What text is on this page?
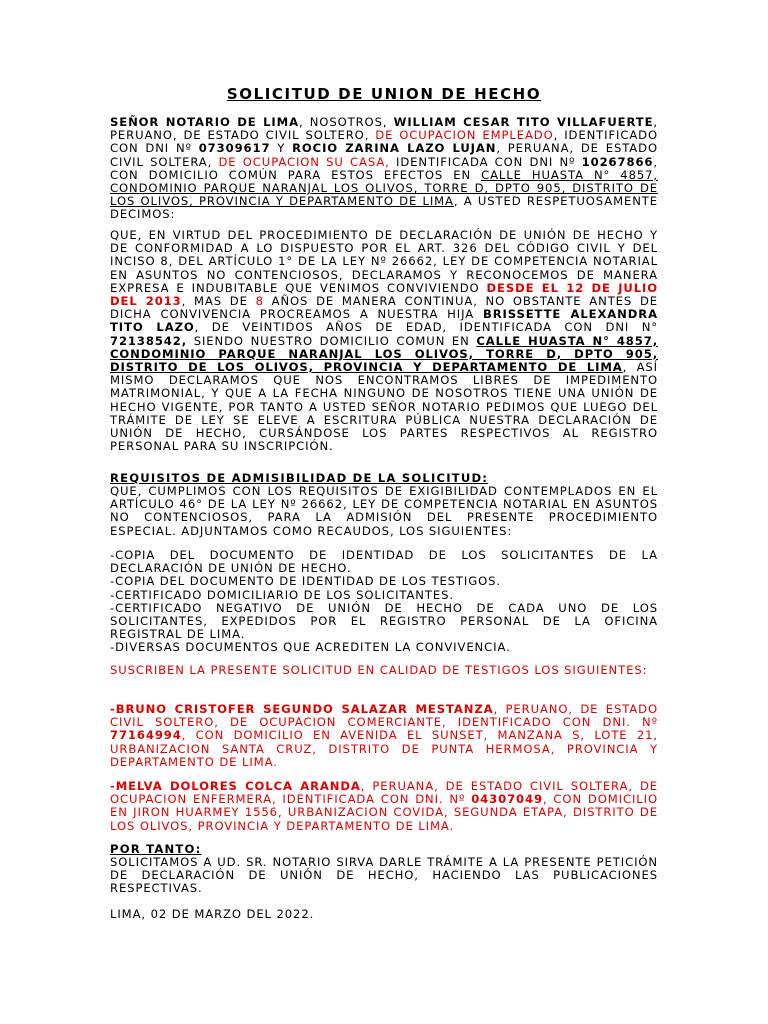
SOLICITUD DE UNION DE HECHO
SEÑOR NOTARIO DE LIMA, NOSOTROS, WILLIAM CESAR TITO VILLAFUERTE, PERUANO, DE ESTADO CIVIL SOLTERO, DE OCUPACION EMPLEADO, IDENTIFICADO CON DNI Nº 07309617 Y ROCIO ZARINA LAZO LUJAN, PERUANA, DE ESTADO CIVIL SOLTERA, DE OCUPACION SU CASA, IDENTIFICADA CON DNI Nº 10267866, CON DOMICILIO COMÚN PARA ESTOS EFECTOS EN CALLE HUASTA N° 4857, CONDOMINIO PARQUE NARANJAL LOS OLIVOS, TORRE D, DPTO 905, DISTRITO DE LOS OLIVOS, PROVINCIA Y DEPARTAMENTO DE LIMA, A USTED RESPETUOSAMENTE DECIMOS:
QUE, EN VIRTUD DEL PROCEDIMIENTO DE DECLARACIÓN DE UNIÓN DE HECHO Y DE CONFORMIDAD A LO DISPUESTO POR EL ART. 326 DEL CÓDIGO CIVIL Y DEL INCISO 8, DEL ARTÍCULO 1° DE LA LEY Nº 26662, LEY DE COMPETENCIA NOTARIAL EN ASUNTOS NO CONTENCIOSOS, DECLARAMOS Y RECONOCEMOS DE MANERA EXPRESA E INDUBITABLE QUE VENIMOS CONVIVIENDO DESDE EL 12 DE JULIO DEL 2013, MAS DE 8 AÑOS DE MANERA CONTINUA, NO OBSTANTE ANTES DE DICHA CONVIVENCIA PROCREAMOS A NUESTRA HIJA BRISSETTE ALEXANDRA TITO LAZO, DE VEINTIDOS AÑOS DE EDAD, IDENTIFICADA CON DNI N° 72138542, SIENDO NUESTRO DOMICILIO COMUN EN CALLE HUASTA N° 4857, CONDOMINIO PARQUE NARANJAL LOS OLIVOS, TORRE D, DPTO 905, DISTRITO DE LOS OLIVOS, PROVINCIA Y DEPARTAMENTO DE LIMA, ASÍ MISMO DECLARAMOS QUE NOS ENCONTRAMOS LIBRES DE IMPEDIMENTO MATRIMONIAL, Y QUE A LA FECHA NINGUNO DE NOSOTROS TIENE UNA UNIÓN DE HECHO VIGENTE, POR TANTO A USTED SEÑOR NOTARIO PEDIMOS QUE LUEGO DEL TRÁMITE DE LEY SE ELEVE A ESCRITURA PÚBLICA NUESTRA DECLARACIÓN DE UNIÓN DE HECHO, CURSÁNDOSE LOS PARTES RESPECTIVOS AL REGISTRO PERSONAL PARA SU INSCRIPCIÓN.
REQUISITOS DE ADMISIBILIDAD DE LA SOLICITUD:
QUE, CUMPLIMOS CON LOS REQUISITOS DE EXIGIBILIDAD CONTEMPLADOS EN EL ARTÍCULO 46° DE LA LEY Nº 26662, LEY DE COMPETENCIA NOTARIAL EN ASUNTOS NO CONTENCIOSOS, PARA LA ADMISIÓN DEL PRESENTE PROCEDIMIENTO ESPECIAL. ADJUNTAMOS COMO RECAUDOS, LOS SIGUIENTES:
-COPIA DEL DOCUMENTO DE IDENTIDAD DE LOS SOLICITANTES DE LA DECLARACIÓN DE UNIÓN DE HECHO.
-COPIA DEL DOCUMENTO DE IDENTIDAD DE LOS TESTIGOS.
-CERTIFICADO DOMICILIARIO DE LOS SOLICITANTES.
-CERTIFICADO NEGATIVO DE UNIÓN DE HECHO DE CADA UNO DE LOS SOLICITANTES, EXPEDIDOS POR EL REGISTRO PERSONAL DE LA OFICINA REGISTRAL DE LIMA.
-DIVERSAS DOCUMENTOS QUE ACREDITEN LA CONVIVENCIA.
SUSCRIBEN LA PRESENTE SOLICITUD EN CALIDAD DE TESTIGOS LOS SIGUIENTES:
-BRUNO CRISTOFER SEGUNDO SALAZAR MESTANZA, PERUANO, DE ESTADO CIVIL SOLTERO, DE OCUPACION COMERCIANTE, IDENTIFICADO CON DNI. Nº 77164994, CON DOMICILIO EN AVENIDA EL SUNSET, MANZANA S, LOTE 21, URBANIZACION SANTA CRUZ, DISTRITO DE PUNTA HERMOSA, PROVINCIA Y DEPARTAMENTO DE LIMA.
-MELVA DOLORES COLCA ARANDA, PERUANA, DE ESTADO CIVIL SOLTERA, DE OCUPACION ENFERMERA, IDENTIFICADA CON DNI. Nº 04307049, CON DOMICILIO EN JIRON HUARMEY 1556, URBANIZACION COVIDA, SEGUNDA ETAPA, DISTRITO DE LOS OLIVOS, PROVINCIA Y DEPARTAMENTO DE LIMA.
POR TANTO:
SOLICITAMOS A UD. SR. NOTARIO SIRVA DARLE TRÁMITE A LA PRESENTE PETICIÓN DE DECLARACIÓN DE UNIÓN DE HECHO, HACIENDO LAS PUBLICACIONES RESPECTIVAS.
LIMA, 02 DE MARZO DEL 2022.
